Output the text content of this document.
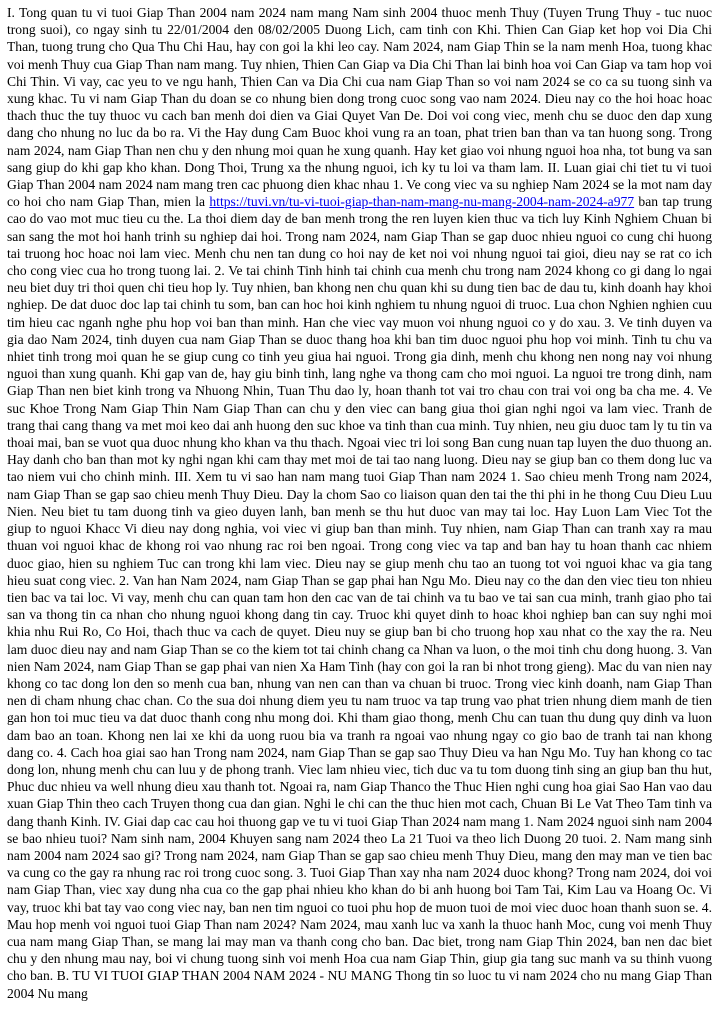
I. Tong quan tu vi tuoi Giap Than 2004 nam 2024 nam mang Nam sinh 2004 thuoc menh Thuy (Tuyen Trung Thuy - tuc nuoc trong suoi), co ngay sinh tu 22/01/2004 den 08/02/2005 Duong Lich, cam tinh con Khi. Thien Can Giap ket hop voi Dia Chi Than, tuong trung cho Qua Thu Chi Hau, hay con goi la khi leo cay. Nam 2024, nam Giap Thin se la nam menh Hoa, tuong khac voi menh Thuy cua Giap Than nam mang. Tuy nhien, Thien Can Giap va Dia Chi Than lai binh hoa voi Can Giap va tam hop voi Chi Thin. Vi vay, cac yeu to ve ngu hanh, Thien Can va Dia Chi cua nam Giap Than so voi nam 2024 se co ca su tuong sinh va xung khac. Tu vi nam Giap Than du doan se co nhung bien dong trong cuoc song vao nam 2024. Dieu nay co the hoi hoac hoac thach thuc the tuy thuoc vu cach ban menh doi dien va Giai Quyet Van De. Doi voi cong viec, menh chu se duoc den dap xung dang cho nhung no luc da bo ra. Vi the Hay dung Cam Buoc khoi vung ra an toan, phat trien ban than va tan huong song. Trong nam 2024, nam Giap Than nen chu y den nhung moi quan he xung quanh. Hay ket giao voi nhung nguoi hoa nha, tot bung va san sang giup do khi gap kho khan. Dong Thoi, Trung xa the nhung nguoi, ich ky tu loi va tham lam. II. Luan giai chi tiet tu vi tuoi Giap Than 2004 nam 2024 nam mang tren cac phuong dien khac nhau 1. Ve cong viec va su nghiep Nam 2024 se la mot nam day co hoi cho nam Giap Than, mien la https://tuvi.vn/tu-vi-tuoi-giap-than-nam-mang-nu-mang-2004-nam-2024-a977 ban tap trung cao do vao mot muc tieu cu the. La thoi diem day de ban menh trong the ren luyen kien thuc va tich luy Kinh Nghiem Chuan bi san sang the mot hoi hanh trinh su nghiep dai hoi. Trong nam 2024, nam Giap Than se gap duoc nhieu nguoi co cung chi huong tai truong hoc hoac noi lam viec. Menh chu nen tan dung co hoi nay de ket noi voi nhung nguoi tai gioi, dieu nay se rat co ich cho cong viec cua ho trong tuong lai. 2. Ve tai chinh Tinh hinh tai chinh cua menh chu trong nam 2024 khong co gi dang lo ngai neu biet duy tri thoi quen chi tieu hop ly. Tuy nhien, ban khong nen chu quan khi su dung tien bac de dau tu, kinh doanh hay khoi nghiep. De dat duoc doc lap tai chinh tu som, ban can hoc hoi kinh nghiem tu nhung nguoi di truoc. Lua chon Nghien nghien cuu tim hieu cac nganh nghe phu hop voi ban than minh. Han che viec vay muon voi nhung nguoi co y do xau. 3. Ve tinh duyen va gia dao Nam 2024, tinh duyen cua nam Giap Than se duoc thang hoa khi ban tim duoc nguoi phu hop voi minh. Tinh tu chu va nhiet tinh trong moi quan he se giup cung co tinh yeu giua hai nguoi. Trong gia dinh, menh chu khong nen nong nay voi nhung nguoi than xung quanh. Khi gap van de, hay giu binh tinh, lang nghe va thong cam cho moi nguoi. La nguoi tre trong dinh, nam Giap Than nen biet kinh trong va Nhuong Nhin, Tuan Thu dao ly, hoan thanh tot vai tro chau con trai voi ong ba cha me. 4. Ve suc Khoe Trong Nam Giap Thin Nam Giap Than can chu y den viec can bang giua thoi gian nghi ngoi va lam viec. Tranh de trang thai cang thang va met moi keo dai anh huong den suc khoe va tinh than cua minh. Tuy nhien, neu giu duoc tam ly tu tin va thoai mai, ban se vuot qua duoc nhung kho khan va thu thach. Ngoai viec tri loi song Ban cung nuan tap luyen the duo thuong an. Hay danh cho ban than mot ky nghi ngan khi cam thay met moi de tai tao nang luong. Dieu nay se giup ban co them dong luc va tao niem vui cho chinh minh. III. Xem tu vi sao han nam mang tuoi Giap Than nam 2024 1. Sao chieu menh Trong nam 2024, nam Giap Than se gap sao chieu menh Thuy Dieu. Day la chom Sao co liaison quan den tai the thi phi in he thong Cuu Dieu Luu Nien. Neu biet tu tam duong tinh va gieo duyen lanh, ban menh se thu hut duoc van may tai loc. Hay Luon Lam Viec Tot the giup to nguoi Khacc Vi dieu nay dong nghia, voi viec vi giup ban than minh. Tuy nhien, nam Giap Than can tranh xay ra mau thuan voi nguoi khac de khong roi vao nhung rac roi ben ngoai. Trong cong viec va tap and ban hay tu hoan thanh cac nhiem duoc giao, hien su nghiem Tuc can trong khi lam viec. Dieu nay se giup menh chu tao an tuong tot voi nguoi khac va gia tang hieu suat cong viec. 2. Van han Nam 2024, nam Giap Than se gap phai han Ngu Mo. Dieu nay co the dan den viec tieu ton nhieu tien bac va tai loc. Vi vay, menh chu can quan tam hon den cac van de tai chinh va tu bao ve tai san cua minh, tranh giao pho tai san va thong tin ca nhan cho nhung nguoi khong dang tin cay. Truoc khi quyet dinh to hoac khoi nghiep ban can suy nghi moi khia nhu Rui Ro, Co Hoi, thach thuc va cach de quyet. Dieu nuy se giup ban bi cho truong hop xau nhat co the xay the ra. Neu lam duoc dieu nay and nam Giap Than se co the kiem tot tai chinh chang ca Nhan va luon, o the moi tinh chu dong huong. 3. Van nien Nam 2024, nam Giap Than se gap phai van nien Xa Ham Tinh (hay con goi la ran bi nhot trong gieng). Mac du van nien nay khong co tac dong lon den so menh cua ban, nhung van nen can than va chuan bi truoc. Trong viec kinh doanh, nam Giap Than nen di cham nhung chac chan. Co the sua doi nhung diem yeu tu nam truoc va tap trung vao phat trien nhung diem manh de tien gan hon toi muc tieu va dat duoc thanh cong nhu mong doi. Khi tham giao thong, menh Chu can tuan thu dung quy dinh va luon dam bao an toan. Khong nen lai xe khi da uong ruou bia va tranh ra ngoai vao nhung ngay co gio bao de tranh tai nan khong dang co. 4. Cach hoa giai sao han Trong nam 2024, nam Giap Than se gap sao Thuy Dieu va han Ngu Mo. Tuy han khong co tac dong lon, nhung menh chu can luu y de phong tranh. Viec lam nhieu viec, tich duc va tu tom duong tinh sing an giup ban thu hut, Phuc duc nhieu va well nhung dieu xau thanh tot. Ngoai ra, nam Giap Thanco the Thuc Hien nghi cung hoa giai Sao Han vao dau xuan Giap Thin theo cach Truyen thong cua dan gian. Nghi le chi can the thuc hien mot cach, Chuan Bi Le Vat Theo Tam tinh va dang thanh Kinh. IV. Giai dap cac cau hoi thuong gap ve tu vi tuoi Giap Than 2024 nam mang 1. Nam 2024 nguoi sinh nam 2004 se bao nhieu tuoi? Nam sinh nam, 2004 Khuyen sang nam 2024 theo La 21 Tuoi va theo lich Duong 20 tuoi. 2. Nam mang sinh nam 2004 nam 2024 sao gi? Trong nam 2024, nam Giap Than se gap sao chieu menh Thuy Dieu, mang den may man ve tien bac va cung co the gay ra nhung rac roi trong cuoc song. 3. Tuoi Giap Than xay nha nam 2024 duoc khong? Trong nam 2024, doi voi nam Giap Than, viec xay dung nha cua co the gap phai nhieu kho khan do bi anh huong boi Tam Tai, Kim Lau va Hoang Oc. Vi vay, truoc khi bat tay vao cong viec nay, ban nen tim nguoi co tuoi phu hop de muon tuoi de moi viec duoc hoan thanh suon se. 4. Mau hop menh voi nguoi tuoi Giap Than nam 2024? Nam 2024, mau xanh luc va xanh la thuoc hanh Moc, cung voi menh Thuy cua nam mang Giap Than, se mang lai may man va thanh cong cho ban. Dac biet, trong nam Giap Thin 2024, ban nen dac biet chu y den nhung mau nay, boi vi chung tuong sinh voi menh Hoa cua nam Giap Thin, giup gia tang suc manh va su thinh vuong cho ban. B. TU VI TUOI GIAP THAN 2004 NAM 2024 - NU MANG Thong tin so luoc tu vi nam 2024 cho nu mang Giap Than 2004 Nu mang
